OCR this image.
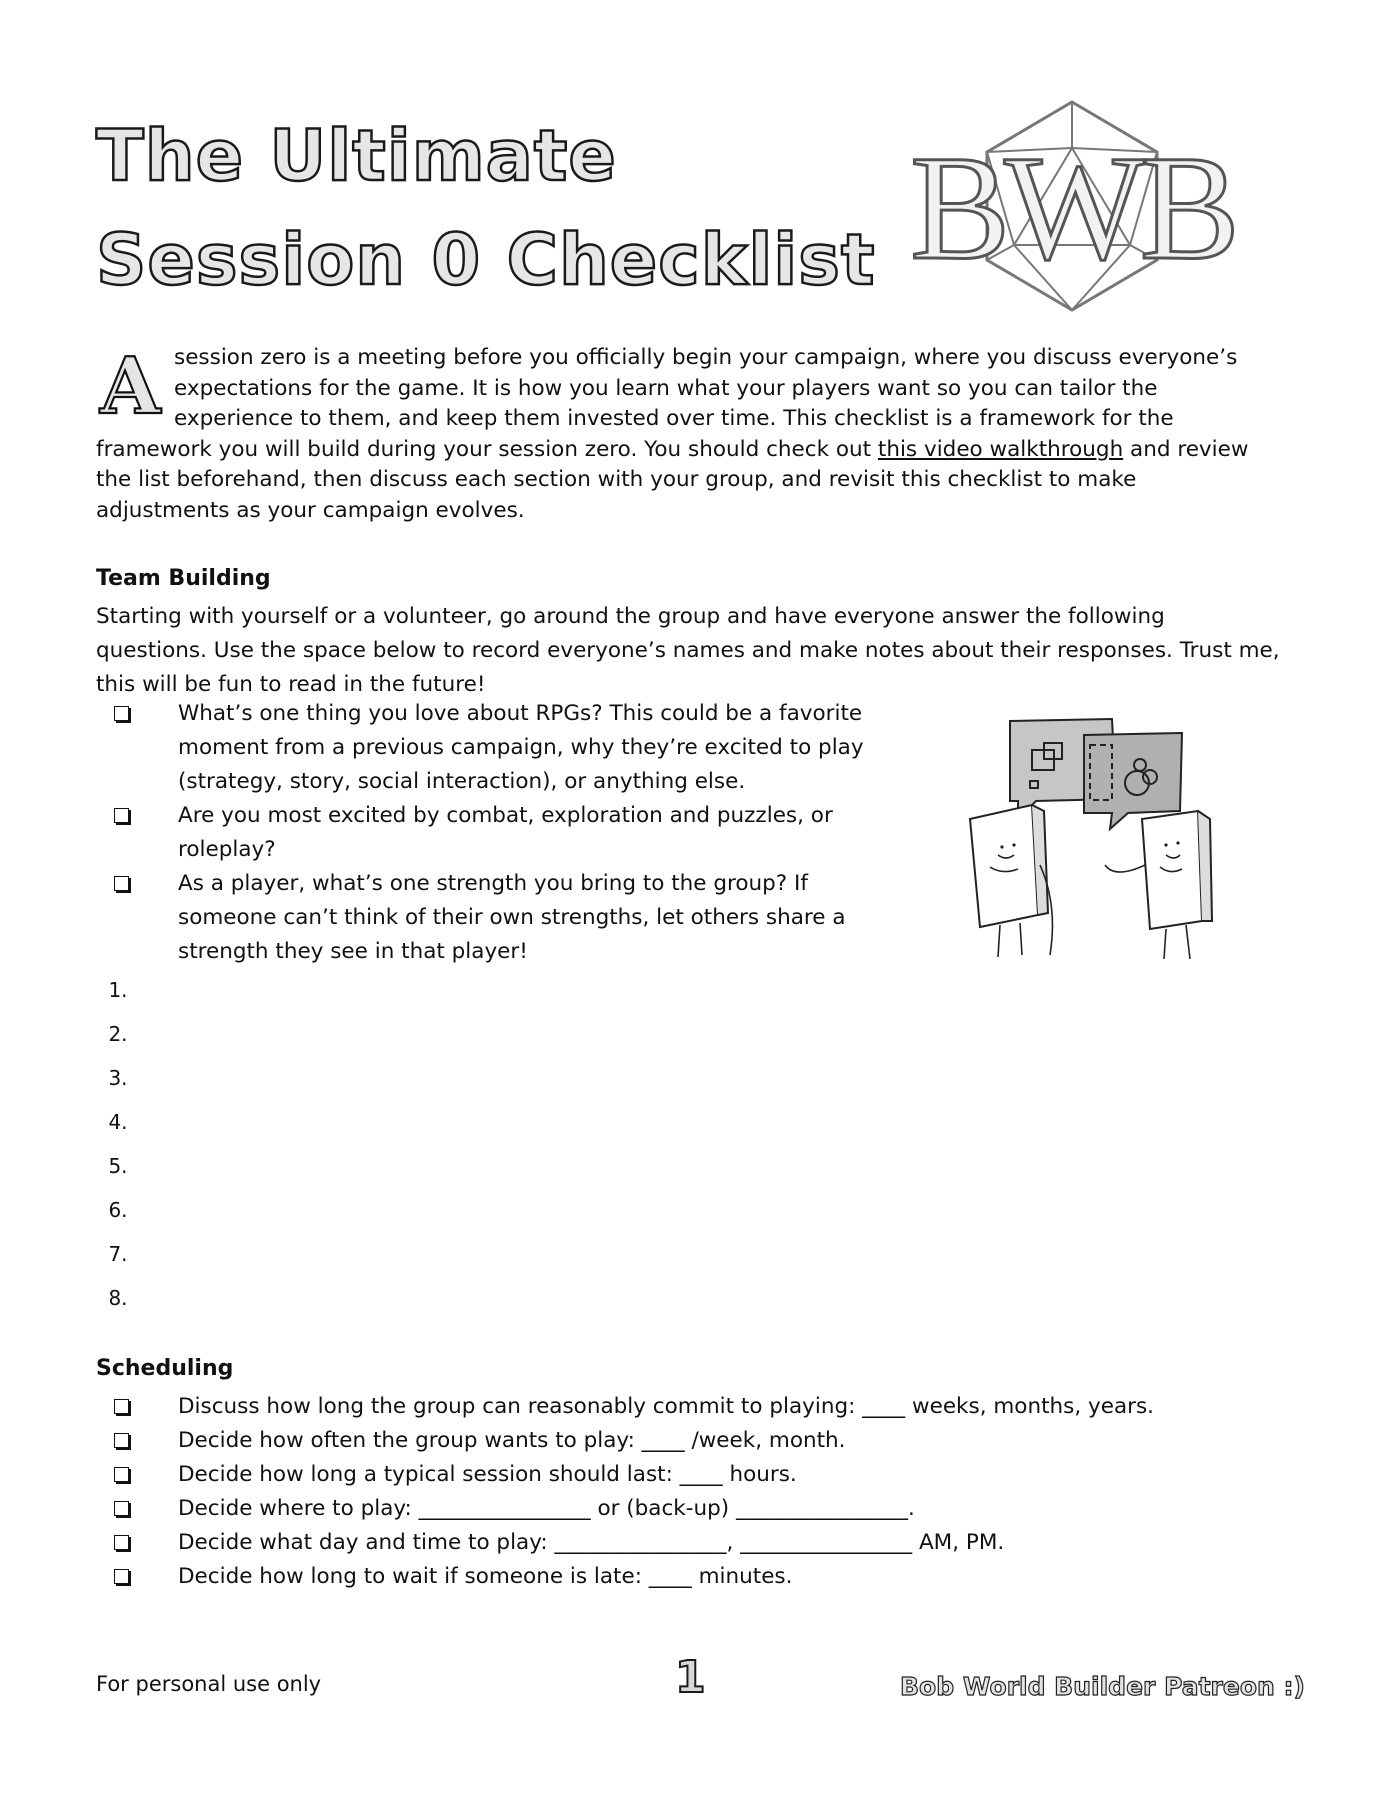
The Ultimate
Session 0 Checklist BWB
A session zero is a meeting before you officially begin your campaign, where you discuss everyone’s expectations for the game. It is how you learn what your players want so you can tailor the experience to them, and keep them invested over time. This checklist is a framework for the framework you will build during your session zero. You should check out this video walkthrough and review the list beforehand, then discuss each section with your group, and revisit this checklist to make adjustments as your campaign evolves.
Team Building
Starting with yourself or a volunteer, go around the group and have everyone answer the following questions. Use the space below to record everyone’s names and make notes about their responses. Trust me, this will be fun to read in the future!
What’s one thing you love about RPGs? This could be a favorite moment from a previous campaign, why they’re excited to play (strategy, story, social interaction), or anything else.
Are you most excited by combat, exploration and puzzles, or roleplay?
As a player, what’s one strength you bring to the group? If someone can’t think of their own strengths, let others share a strength they see in that player!
1.
2.
3.
4.
5.
6.
7.
8.
Scheduling
Discuss how long the group can reasonably commit to playing: ____ weeks, months, years.
Decide how often the group wants to play: ____ /week, month.
Decide how long a typical session should last: ____ hours.
Decide where to play: ________________ or (back-up) ________________.
Decide what day and time to play: ________________, ________________ AM, PM.
Decide how long to wait if someone is late: ____ minutes.
For personal use only	1	Bob World Builder Patreon :)
